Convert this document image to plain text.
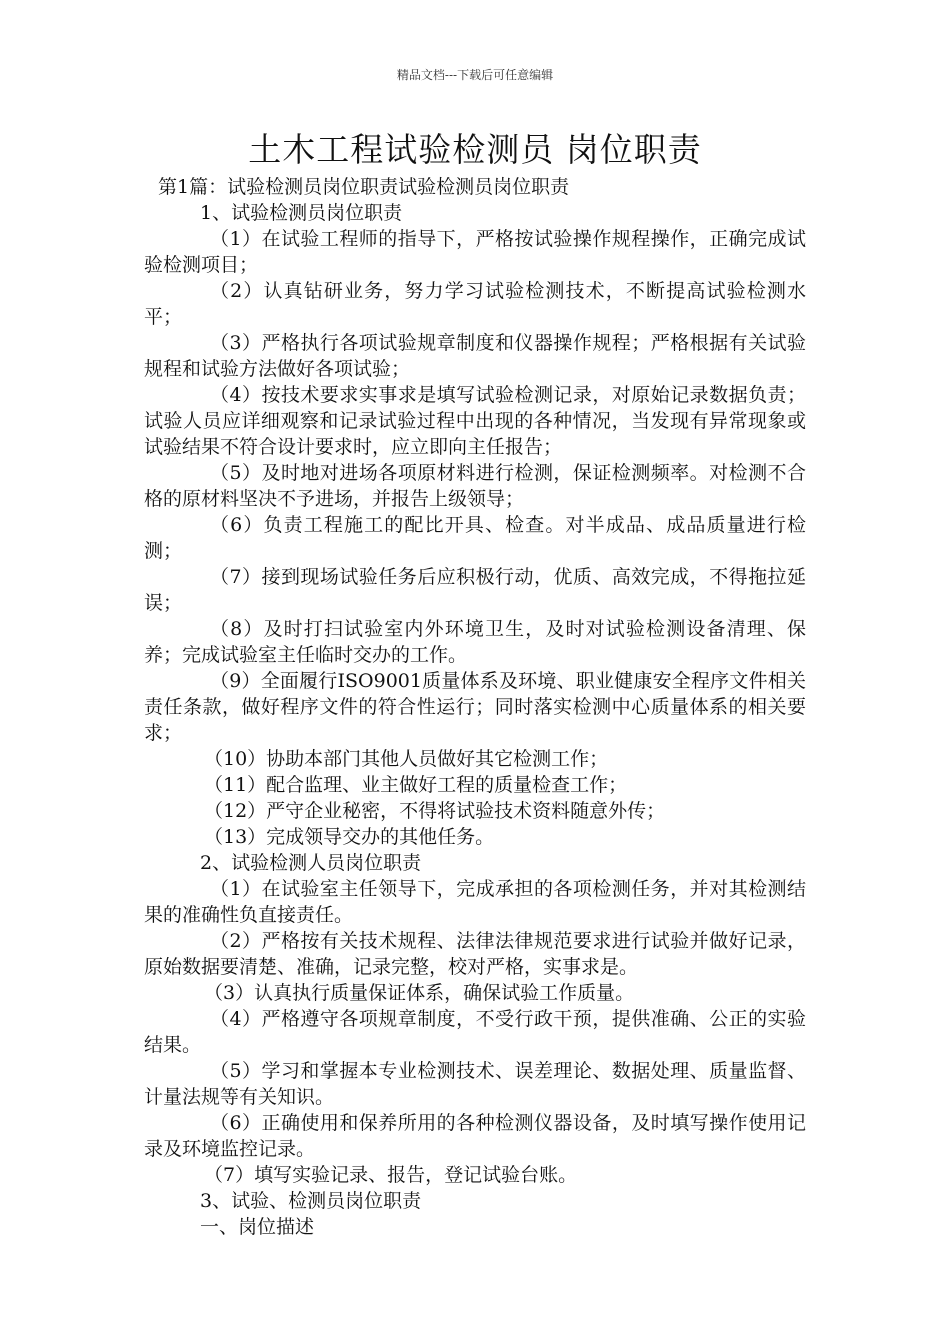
精品文档---下载后可任意编辑
土木工程试验检测员 岗位职责

第1篇：试验检测员岗位职责试验检测员岗位职责

1、试验检测员岗位职责

（1）在试验工程师的指导下，严格按试验操作规程操作，正确完成试验检测项目；

（2）认真钻研业务，努力学习试验检测技术，不断提高试验检测水平；

（3）严格执行各项试验规章制度和仪器操作规程；严格根据有关试验规程和试验方法做好各项试验；

（4）按技术要求实事求是填写试验检测记录，对原始记录数据负责；试验人员应详细观察和记录试验过程中出现的各种情况，当发现有异常现象或试验结果不符合设计要求时，应立即向主任报告；

（5）及时地对进场各项原材料进行检测，保证检测频率。对检测不合格的原材料坚决不予进场，并报告上级领导；

（6）负责工程施工的配比开具、检查。对半成品、成品质量进行检测；

（7）接到现场试验任务后应积极行动，优质、高效完成，不得拖拉延误；

（8）及时打扫试验室内外环境卫生，及时对试验检测设备清理、保养；完成试验室主任临时交办的工作。

（9）全面履行ISO9001质量体系及环境、职业健康安全程序文件相关责任条款，做好程序文件的符合性运行；同时落实检测中心质量体系的相关要求；

（10）协助本部门其他人员做好其它检测工作；

（11）配合监理、业主做好工程的质量检查工作；

（12）严守企业秘密，不得将试验技术资料随意外传；

（13）完成领导交办的其他任务。

2、试验检测人员岗位职责

（1）在试验室主任领导下，完成承担的各项检测任务，并对其检测结果的准确性负直接责任。

（2）严格按有关技术规程、法律法律规范要求进行试验并做好记录，原始数据要清楚、准确，记录完整，校对严格，实事求是。

（3）认真执行质量保证体系，确保试验工作质量。

（4）严格遵守各项规章制度，不受行政干预，提供准确、公正的实验结果。

（5）学习和掌握本专业检测技术、误差理论、数据处理、质量监督、计量法规等有关知识。

（6）正确使用和保养所用的各种检测仪器设备，及时填写操作使用记录及环境监控记录。

（7）填写实验记录、报告，登记试验台账。

3、试验、检测员岗位职责

一、岗位描述
